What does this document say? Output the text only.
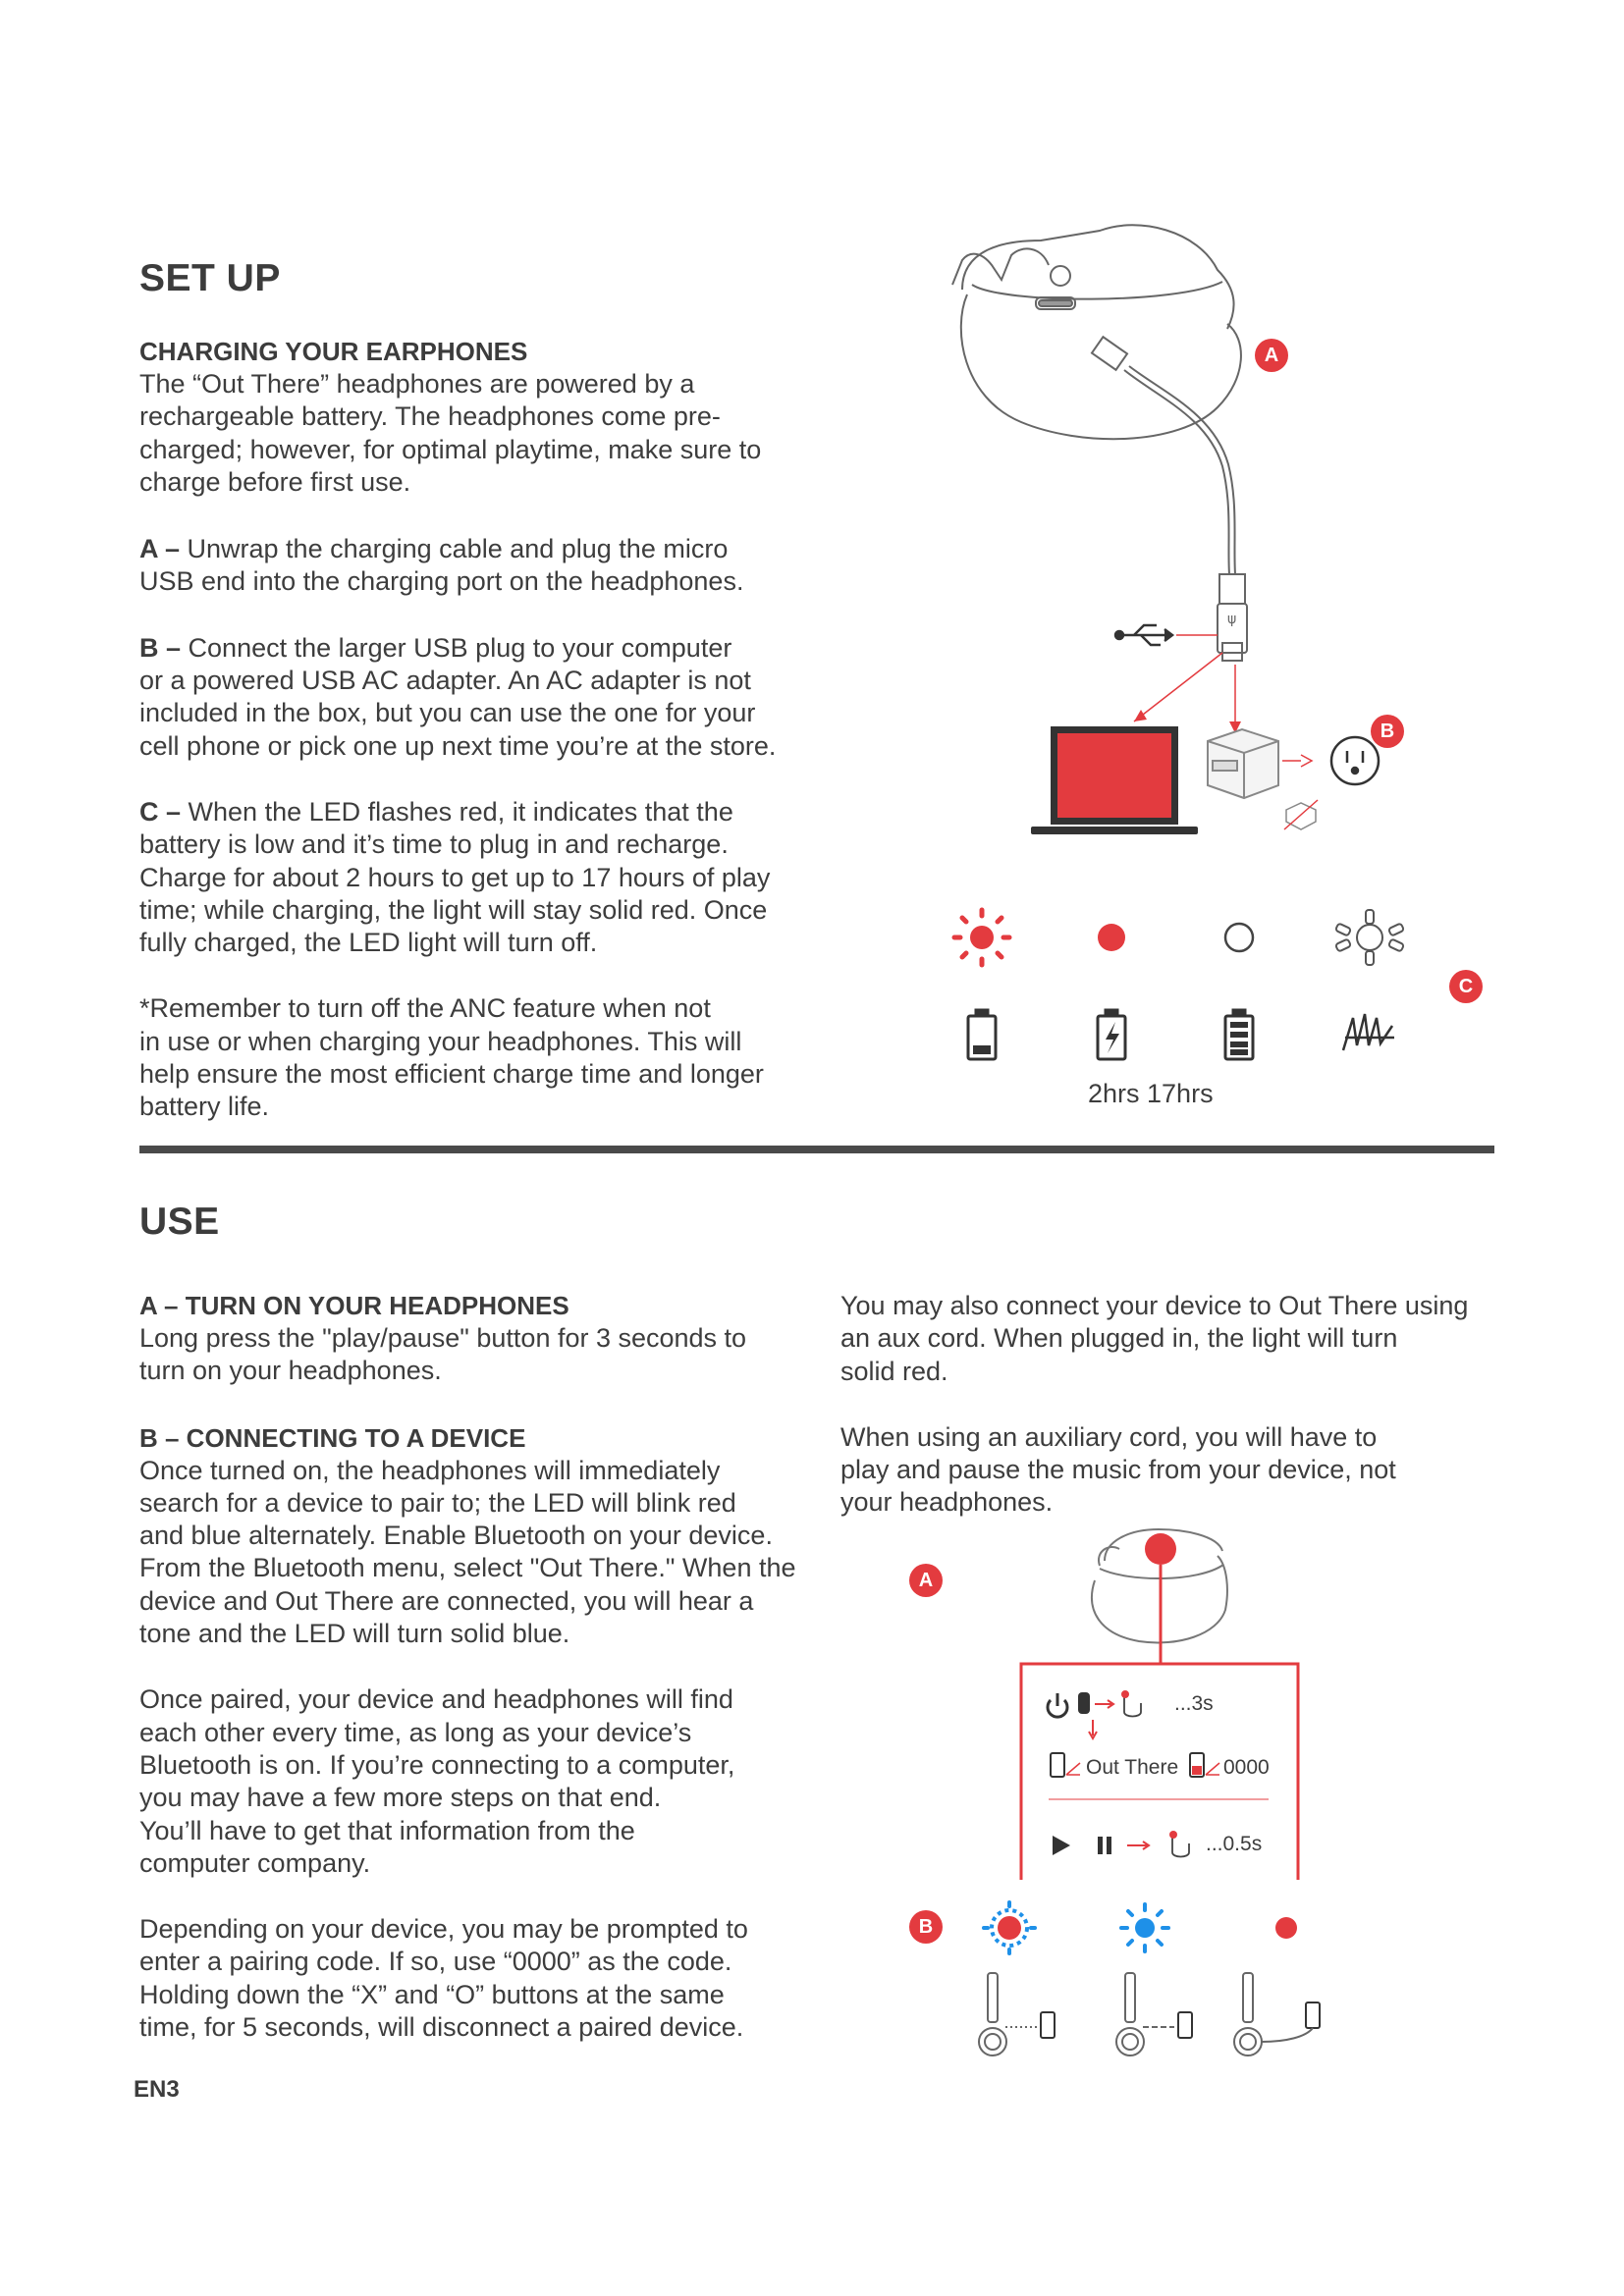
SET UP
CHARGING YOUR EARPHONES
The “Out There” headphones are powered by a
rechargeable battery. The headphones come pre-
charged; however, for optimal playtime, make sure to
charge before first use.
A – Unwrap the charging cable and plug the micro
USB end into the charging port on the headphones.
B – Connect the larger USB plug to your computer
or a powered USB AC adapter. An AC adapter is not
included in the box, but you can use the one for your
cell phone or pick one up next time you’re at the store.
C – When the LED flashes red, it indicates that the
battery is low and it’s time to plug in and recharge.
Charge for about 2 hours to get up to 17 hours of play
time; while charging, the light will stay solid red. Once
fully charged, the LED light will turn off.
*Remember to turn off the ANC feature when not
in use or when charging your headphones. This will
help ensure the most efficient charge time and longer
battery life.
ψ
A
B
C
2hrs 17hrs
USE
A – TURN ON YOUR HEADPHONES
Long press the "play/pause" button for 3 seconds to
turn on your headphones.
B – CONNECTING TO A DEVICE
Once turned on, the headphones will immediately
search for a device to pair to; the LED will blink red
and blue alternately. Enable Bluetooth on your device.
From the Bluetooth menu, select "Out There." When the
device and Out There are connected, you will hear a
tone and the LED will turn solid blue.
Once paired, your device and headphones will find
each other every time, as long as your device’s
Bluetooth is on. If you’re connecting to a computer,
you may have a few more steps on that end.
You’ll have to get that information from the
computer company.
Depending on your device, you may be prompted to
enter a pairing code. If so, use “0000” as the code.
Holding down the “X” and “O” buttons at the same
time, for 5 seconds, will disconnect a paired device.
You may also connect your device to Out There using
an aux cord. When plugged in, the light will turn
solid red.
When using an auxiliary cord, you will have to
play and pause the music from your device, not
your headphones.
A
B
...3s
Out There 0000
...0.5s
EN3
